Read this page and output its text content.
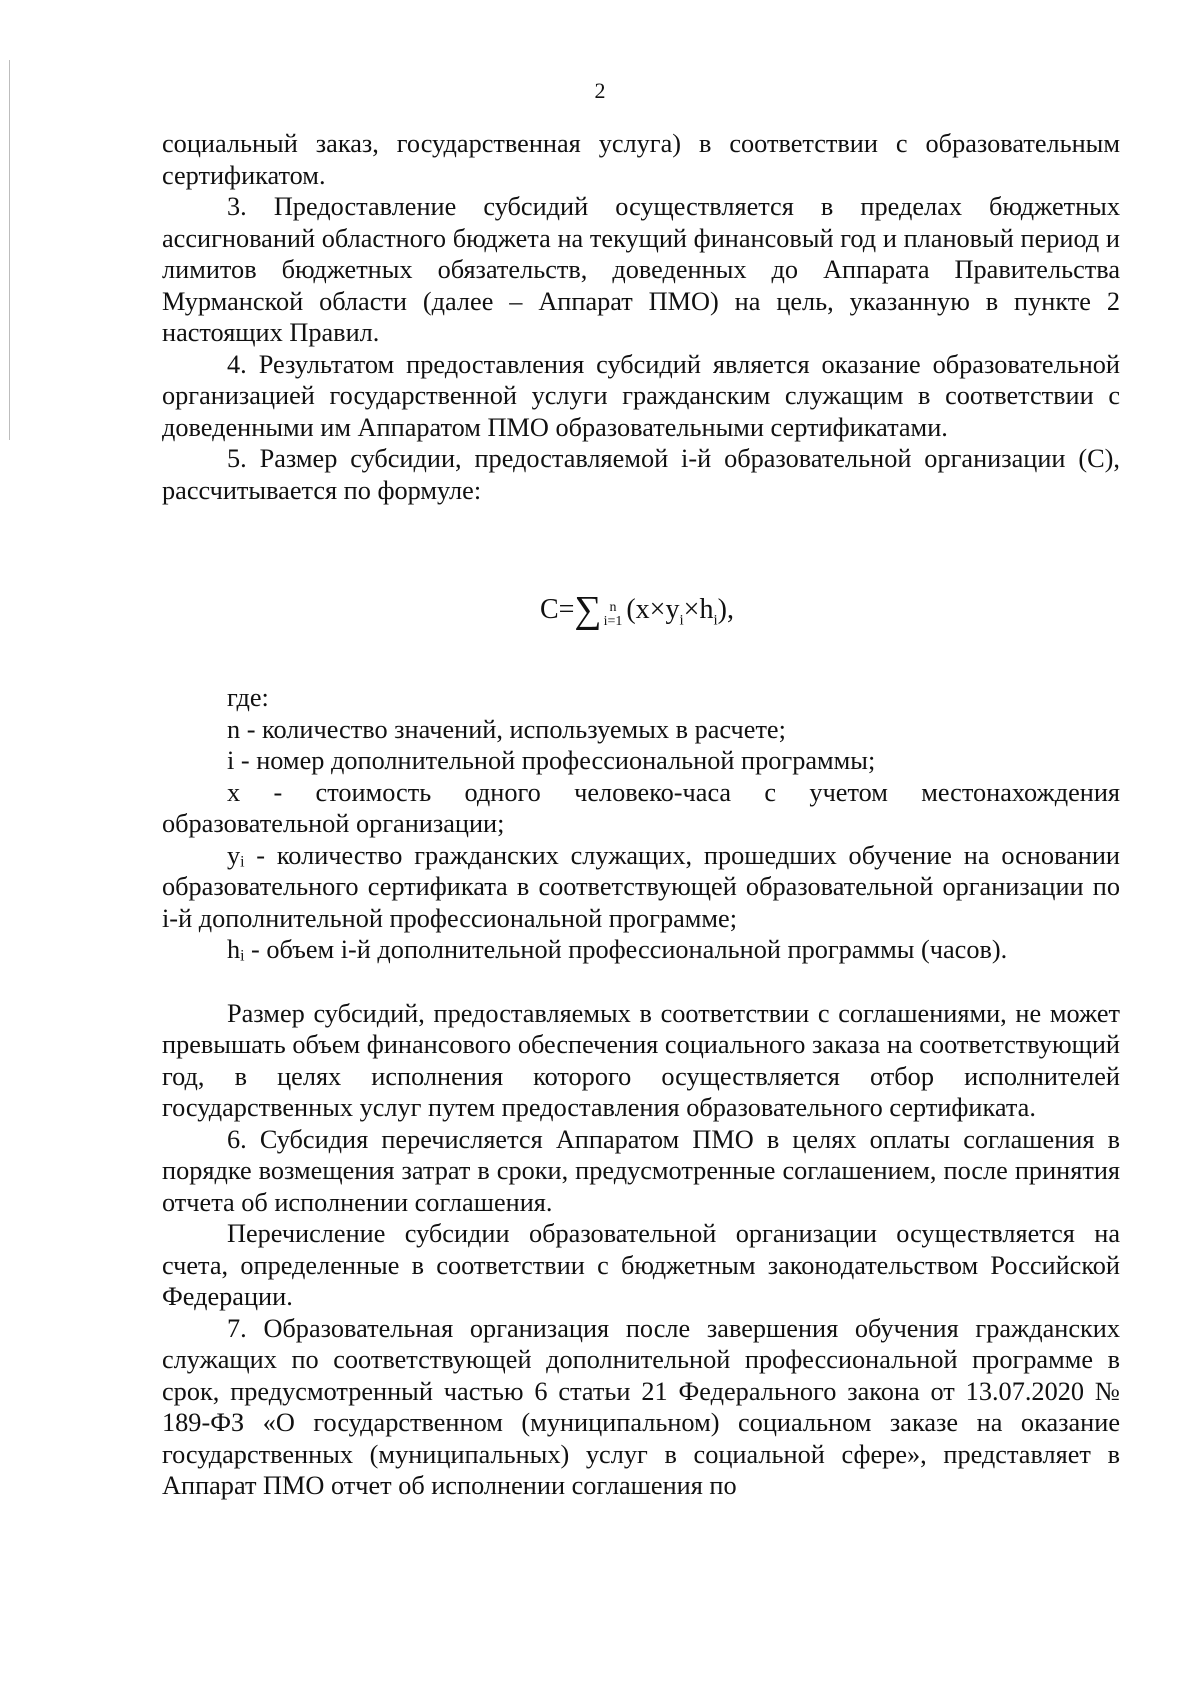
2

социальный заказ, государственная услуга) в соответствии с образовательным сертификатом.

3. Предоставление субсидий осуществляется в пределах бюджетных ассигнований областного бюджета на текущий финансовый год и плановый период и лимитов бюджетных обязательств, доведенных до Аппарата Правительства Мурманской области (далее – Аппарат ПМО) на цель, указанную в пункте 2 настоящих Правил.

4. Результатом предоставления субсидий является оказание образовательной организацией государственной услуги гражданским служащим в соответствии с доведенными им Аппаратом ПМО образовательными сертификатами.

5. Размер субсидии, предоставляемой i-й образовательной организации (С), рассчитывается по формуле:

C=∑ n
i=1 $(x\times y_i\times h_i)$,

где:

n - количество значений, используемых в расчете;

i - номер дополнительной профессиональной программы;

x - стоимость одного человеко-часа с учетом местонахождения образовательной организации;

yᵢ - количество гражданских служащих, прошедших обучение на основании образовательного сертификата в соответствующей образовательной организации по i-й дополнительной профессиональной программе;

hᵢ - объем i-й дополнительной профессиональной программы (часов).

Размер субсидий, предоставляемых в соответствии с соглашениями, не может превышать объем финансового обеспечения социального заказа на соответствующий год, в целях исполнения которого осуществляется отбор исполнителей государственных услуг путем предоставления образовательного сертификата.

6. Субсидия перечисляется Аппаратом ПМО в целях оплаты соглашения в порядке возмещения затрат в сроки, предусмотренные соглашением, после принятия отчета об исполнении соглашения.

Перечисление субсидии образовательной организации осуществляется на счета, определенные в соответствии с бюджетным законодательством Российской Федерации.

7. Образовательная организация после завершения обучения гражданских служащих по соответствующей дополнительной профессиональной программе в срок, предусмотренный частью 6 статьи 21 Федерального закона от 13.07.2020 № 189-ФЗ «О государственном (муниципальном) социальном заказе на оказание государственных (муниципальных) услуг в социальной сфере», представляет в Аппарат ПМО отчет об исполнении соглашения по
